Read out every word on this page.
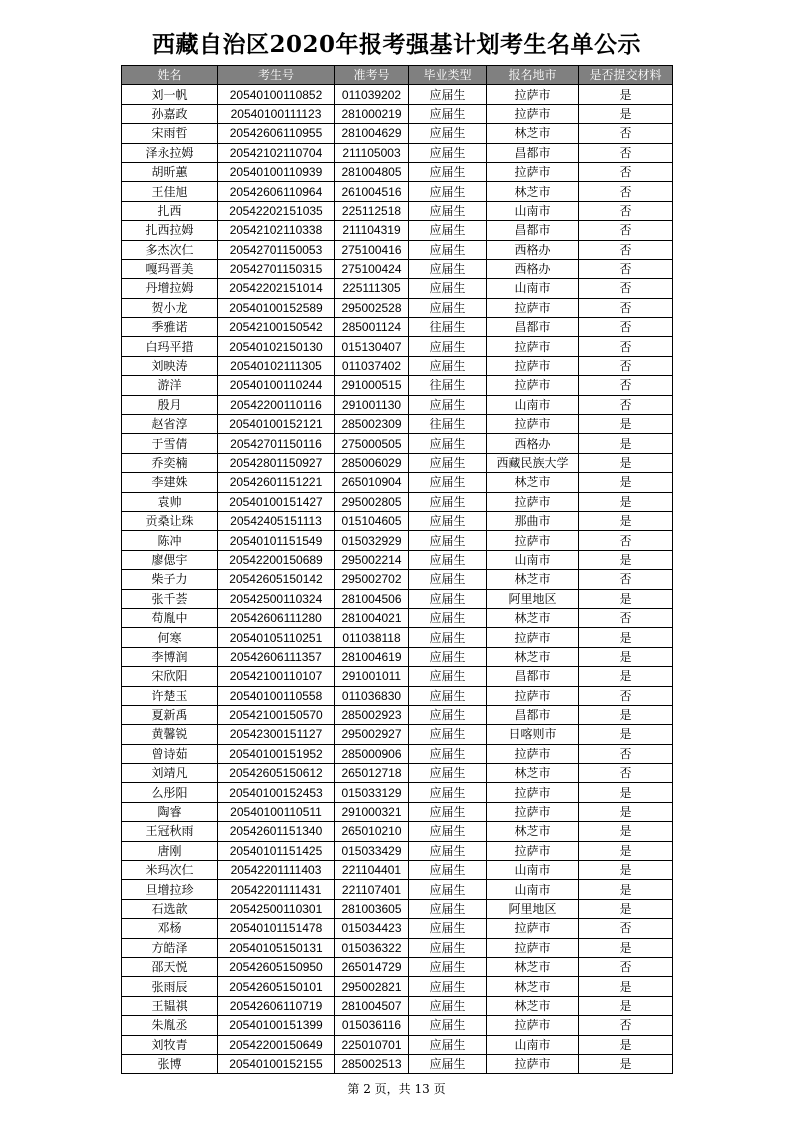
西藏自治区2020年报考强基计划考生名单公示
姓名	考生号	准考号	毕业类型	报名地市	是否提交材料
刘一帆	20540100110852	011039202	应届生	拉萨市	是
孙嘉政	20540100111123	281000219	应届生	拉萨市	是
宋雨哲	20542606110955	281004629	应届生	林芝市	否
泽永拉姆	20542102110704	211105003	应届生	昌都市	否
胡昕蕙	20540100110939	281004805	应届生	拉萨市	否
王佳旭	20542606110964	261004516	应届生	林芝市	否
扎西	20542202151035	225112518	应届生	山南市	否
扎西拉姆	20542102110338	211104319	应届生	昌都市	否
多杰次仁	20542701150053	275100416	应届生	西格办	否
嘎玛晋美	20542701150315	275100424	应届生	西格办	否
丹增拉姆	20542202151014	225111305	应届生	山南市	否
贺小龙	20540100152589	295002528	应届生	拉萨市	否
季雅诺	20542100150542	285001124	往届生	昌都市	否
白玛平措	20540102150130	015130407	应届生	拉萨市	否
刘映涛	20540102111305	011037402	应届生	拉萨市	否
游洋	20540100110244	291000515	往届生	拉萨市	否
殷月	20542200110116	291001130	应届生	山南市	否
赵省淳	20540100152121	285002309	往届生	拉萨市	是
于雪倩	20542701150116	275000505	应届生	西格办	是
乔奕楠	20542801150927	285006029	应届生	西藏民族大学	是
李建姝	20542601151221	265010904	应届生	林芝市	是
袁帅	20540100151427	295002805	应届生	拉萨市	是
贡桑让珠	20542405151113	015104605	应届生	那曲市	是
陈冲	20540101151549	015032929	应届生	拉萨市	否
廖偲宇	20542200150689	295002214	应届生	山南市	是
柴子力	20542605150142	295002702	应届生	林芝市	否
张千荟	20542500110324	281004506	应届生	阿里地区	是
苟胤中	20542606111280	281004021	应届生	林芝市	否
何寒	20540105110251	011038118	应届生	拉萨市	是
李博润	20542606111357	281004619	应届生	林芝市	是
宋欣阳	20542100110107	291001011	应届生	昌都市	是
许楚玉	20540100110558	011036830	应届生	拉萨市	否
夏新禹	20542100150570	285002923	应届生	昌都市	是
黄馨锐	20542300151127	295002927	应届生	日喀则市	是
曾诗茹	20540100151952	285000906	应届生	拉萨市	否
刘靖凡	20542605150612	265012718	应届生	林芝市	否
么彤阳	20540100152453	015033129	应届生	拉萨市	是
陶睿	20540100110511	291000321	应届生	拉萨市	是
王冠秋雨	20542601151340	265010210	应届生	林芝市	是
唐刚	20540101151425	015033429	应届生	拉萨市	是
米玛次仁	20542201111403	221104401	应届生	山南市	是
旦增拉珍	20542201111431	221107401	应届生	山南市	是
石选歆	20542500110301	281003605	应届生	阿里地区	是
邓杨	20540101151478	015034423	应届生	拉萨市	否
方皓泽	20540105150131	015036322	应届生	拉萨市	是
邵天悦	20542605150950	265014729	应届生	林芝市	否
张雨辰	20542605150101	295002821	应届生	林芝市	是
王韫祺	20542606110719	281004507	应届生	林芝市	是
朱胤丞	20540100151399	015036116	应届生	拉萨市	否
刘牧青	20542200150649	225010701	应届生	山南市	是
张博	20540100152155	285002513	应届生	拉萨市	是
第 2 页，共 13 页
